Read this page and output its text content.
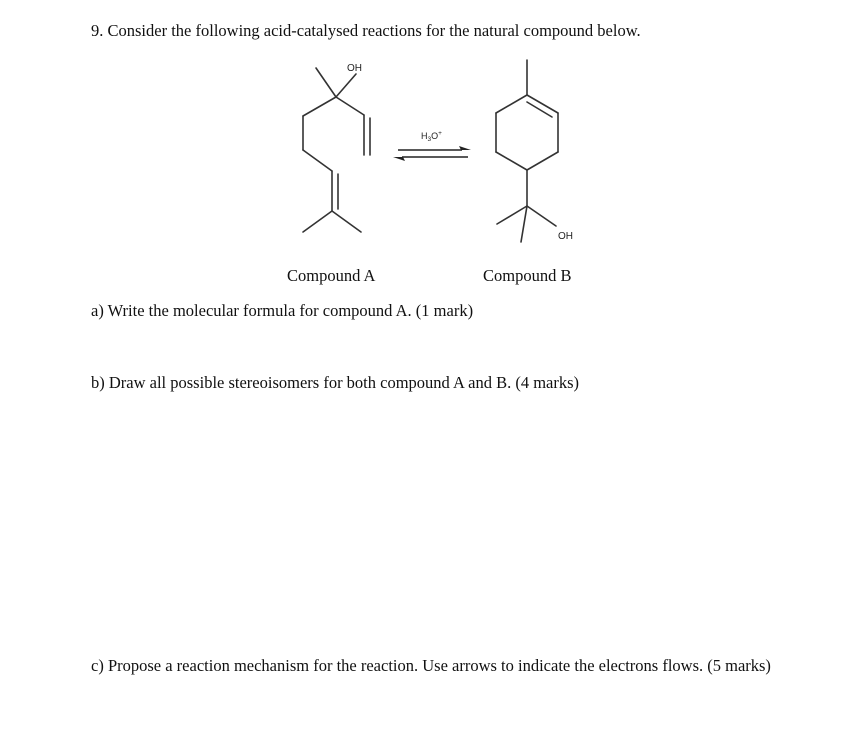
9. Consider the following acid-catalysed reactions for the natural compound below.
OH
$H_3O^+$
OH
Compound A	Compound B
a) Write the molecular formula for compound A. (1 mark)
b) Draw all possible stereoisomers for both compound A and B. (4 marks)
c) Propose a reaction mechanism for the reaction. Use arrows to indicate the electrons flows. (5 marks)
